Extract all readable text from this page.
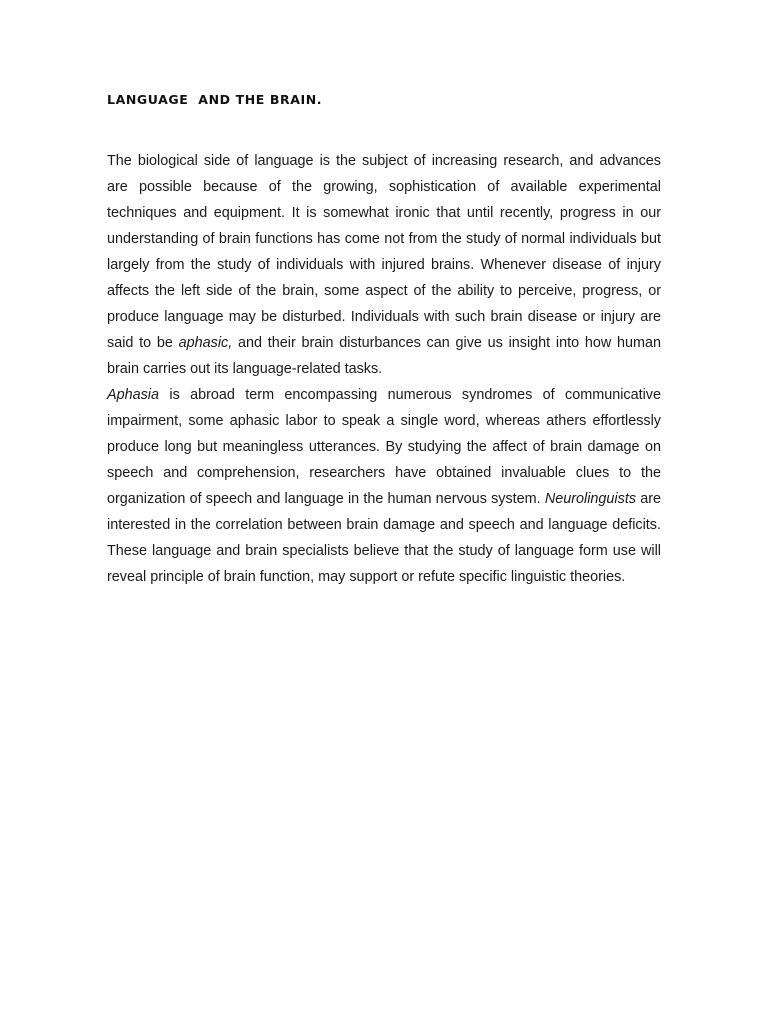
LANGUAGE  AND THE BRAIN.

The biological side of language is the subject of increasing research, and advances are possible because of the growing, sophistication of available experimental techniques and equipment. It is somewhat ironic that until recently, progress in our understanding of brain functions has come not from the study of normal individuals but largely from the study of individuals with injured brains. Whenever disease of injury affects the left side of the brain, some aspect of the ability to perceive, progress, or produce language may be disturbed. Individuals with such brain disease or injury are said to be aphasic, and their brain disturbances can give us insight into how human brain carries out its language-related tasks.

Aphasia is abroad term encompassing numerous syndromes of communicative impairment, some aphasic labor to speak a single word, whereas athers effortlessly produce long but meaningless utterances. By studying the affect of brain damage on speech and comprehension, researchers have obtained invaluable clues to the organization of speech and language in the human nervous system. Neurolinguists are interested in the correlation between brain damage and speech and language deficits. These language and brain specialists believe that the study of language form use will reveal principle of brain function, may support or refute specific linguistic theories.
